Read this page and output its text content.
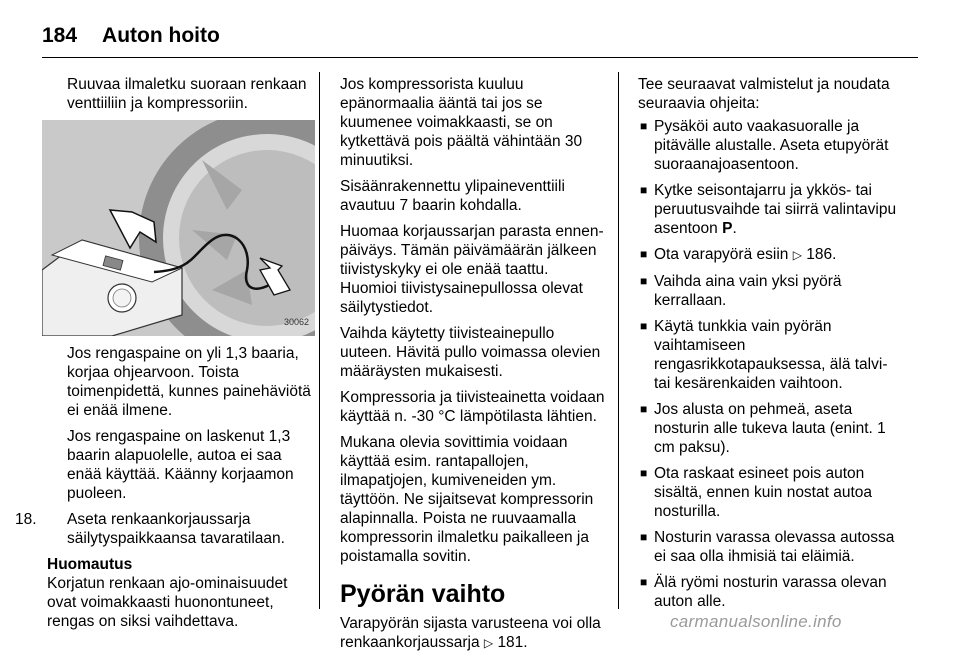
184 Auton hoito

Ruuvaa ilmaletku suoraan renkaan venttiiliin ja kompressoriin.

30062

Jos rengaspaine on yli 1,3 baaria, korjaa ohjearvoon. Toista toimenpidettä, kunnes painehäviötä ei enää ilmene.

Jos rengaspaine on laskenut 1,3 baarin alapuolelle, autoa ei saa enää käyttää. Käänny korjaamon puoleen.

18.	Aseta renkaankorjaussarja säilytyspaikkaansa tavaratilaan.
Huomautus
Korjatun renkaan ajo-ominaisuudet ovat voimakkaasti huonontuneet, rengas on siksi vaihdettava.

Jos kompressorista kuuluu epänormaalia ääntä tai jos se kuumenee voimakkaasti, se on kytkettävä pois päältä vähintään 30 minuutiksi.

Sisäänrakennettu ylipaineventtiili avautuu 7 baarin kohdalla.

Huomaa korjaussarjan parasta ennen-päiväys. Tämän päivämäärän jälkeen tiivistyskyky ei ole enää taattu. Huomioi tiivistysainepullossa olevat säilytystiedot.

Vaihda käytetty tiivisteainepullo uuteen. Hävitä pullo voimassa olevien määräysten mukaisesti.

Kompressoria ja tiivisteainetta voidaan käyttää n. -30 °C lämpötilasta lähtien.

Mukana olevia sovittimia voidaan käyttää esim. rantapallojen, ilmapatjojen, kumiveneiden ym. täyttöön. Ne sijaitsevat kompressorin alapinnalla. Poista ne ruuvaamalla kompressorin ilmaletku paikalleen ja poistamalla sovitin.

Pyörän vaihto

Varapyörän sijasta varusteena voi olla renkaankorjaussarja ▷ 181.

Tee seuraavat valmistelut ja noudata seuraavia ohjeita:

■ Pysäköi auto vaakasuoralle ja pitävälle alustalle. Aseta etupyörät suoraanajoasentoon.
■ Kytke seisontajarru ja ykkös- tai peruutusvaihde tai siirrä valintavipu asentoon P.
■ Ota varapyörä esiin ▷ 186.
■ Vaihda aina vain yksi pyörä kerrallaan.
■ Käytä tunkkia vain pyörän vaihtamiseen rengasrikkotapauksessa, älä talvi- tai kesärenkaiden vaihtoon.
■ Jos alusta on pehmeä, aseta nosturin alle tukeva lauta (enint. 1 cm paksu).
■ Ota raskaat esineet pois auton sisältä, ennen kuin nostat autoa nosturilla.
■ Nosturin varassa olevassa autossa ei saa olla ihmisiä tai eläimiä.
■ Älä ryömi nosturin varassa olevan auton alle.
carmanualsonline.info
